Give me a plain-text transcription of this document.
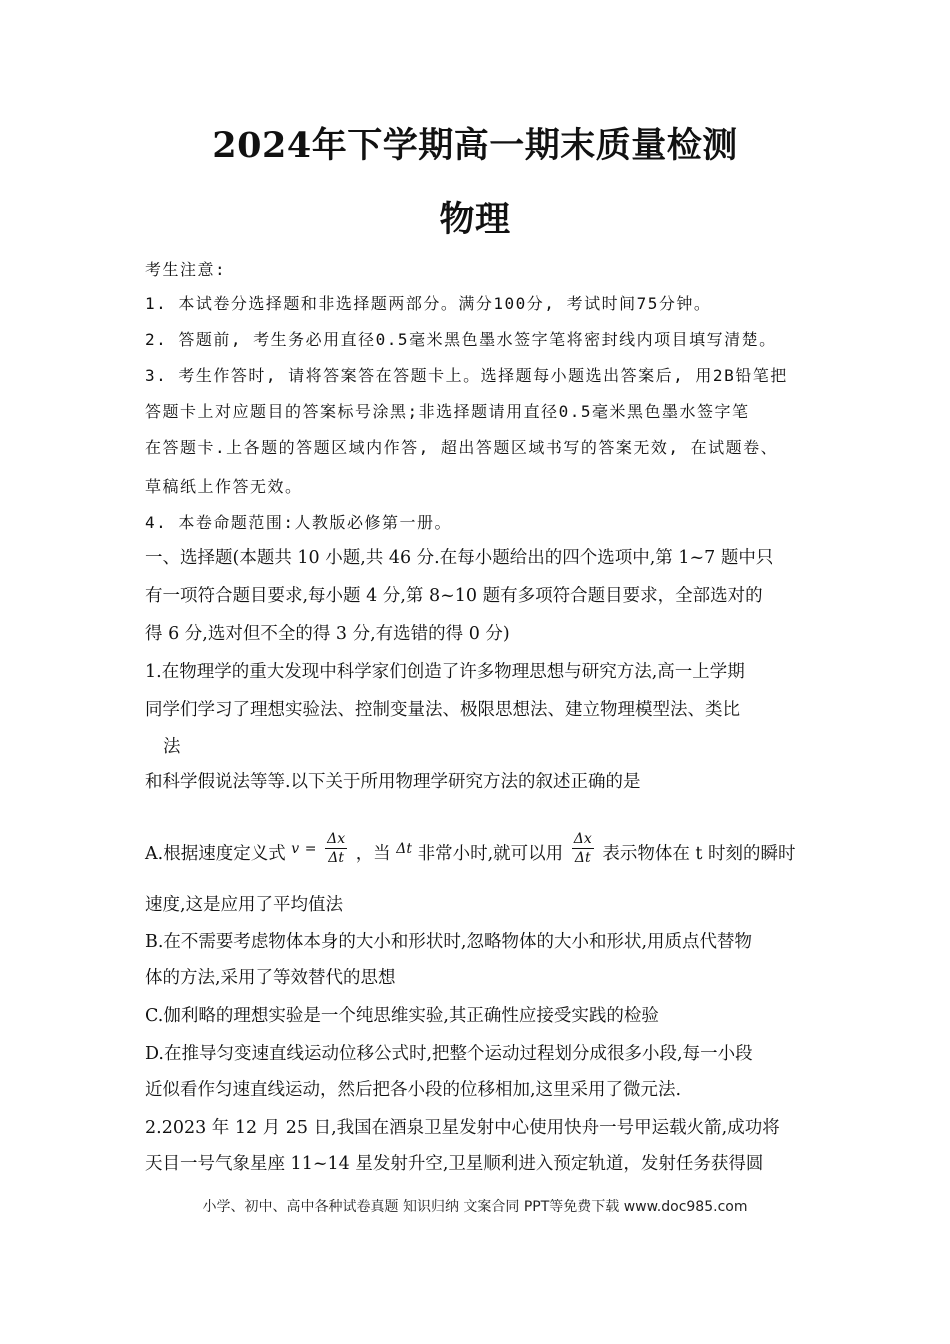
2024年下学期高一期末质量检测
物理
考生注意:
1. 本试卷分选择题和非选择题两部分。满分100分, 考试时间75分钟。
2. 答题前, 考生务必用直径0.5毫米黑色墨水签字笔将密封线内项目填写清楚。
3. 考生作答时, 请将答案答在答题卡上。选择题每小题选出答案后, 用2B铅笔把
答题卡上对应题目的答案标号涂黑;非选择题请用直径0.5毫米黑色墨水签字笔
在答题卡.上各题的答题区域内作答, 超出答题区域书写的答案无效, 在试题卷、
草稿纸上作答无效。
4. 本卷命题范围:人教版必修第一册。
一、选择题(本题共 10 小题,共 46 分.在每小题给出的四个选项中,第 1~7 题中只
有一项符合题目要求,每小题 4 分,第 8~10 题有多项符合题目要求，全部选对的
得 6 分,选对但不全的得 3 分,有选错的得 0 分)
1.在物理学的重大发现中科学家们创造了许多物理思想与研究方法,高一上学期
同学们学习了理想实验法、控制变量法、极限思想法、建立物理模型法、类比
法
和科学假说法等等.以下关于所用物理学研究方法的叙述正确的是
A.根据速度定义式 $^v$ $^= \frac{\Delta x}{\Delta t}$ ，当 $^{\Delta t}$ 非常小时,就可以用 $\frac{\Delta x}{\Delta t}$ 表示物体在 t 时刻的瞬时
速度,这是应用了平均值法
B.在不需要考虑物体本身的大小和形状时,忽略物体的大小和形状,用质点代替物
体的方法,采用了等效替代的思想
C.伽利略的理想实验是一个纯思维实验,其正确性应接受实践的检验
D.在推导匀变速直线运动位移公式时,把整个运动过程划分成很多小段,每一小段
近似看作匀速直线运动，然后把各小段的位移相加,这里采用了微元法.
2.2023 年 12 月 25 日,我国在酒泉卫星发射中心使用快舟一号甲运载火箭,成功将
天目一号气象星座 11~14 星发射升空,卫星顺利进入预定轨道，发射任务获得圆
小学、初中、高中各种试卷真题 知识归纳 文案合同 PPT等免费下载 www.doc985.com
